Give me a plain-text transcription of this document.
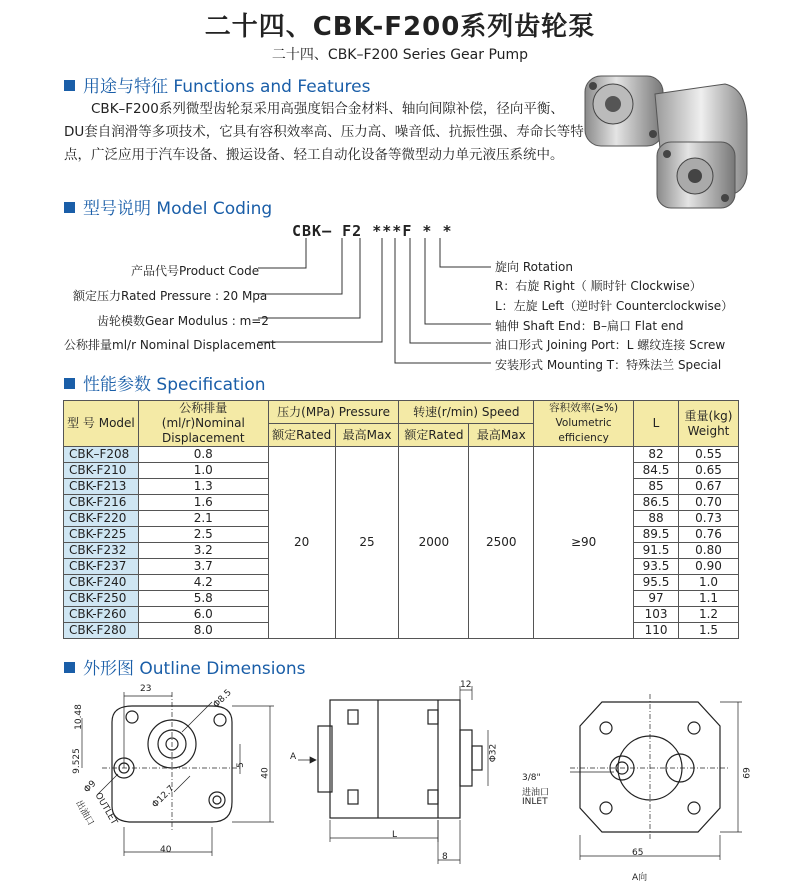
二十四、CBK-F200系列齿轮泵
二十四、CBK–F200 Series Gear Pump
用途与特征 Functions and Features
CBK–F200系列微型齿轮泵采用高强度铝合金材料、轴向间隙补偿，径向平衡、DU套自润滑等多项技术，它具有容积效率高、压力高、噪音低、抗振性强、寿命长等特点，广泛应用于汽车设备、搬运设备、轻工自动化设备等微型动力单元液压系统中。
型号说明 Model Coding
CBK– F2 ***F * *
产品代号Product Code
额定压力Rated Pressure : 20 Mpa
齿轮模数Gear Modulus : m=2
公称排量ml/r Nominal Displacement
旋向 Rotation
R：右旋 Right（ 顺时针 Clockwise）
L：左旋 Left（逆时针 Counterclockwise）
轴伸 Shaft End：B–扁口 Flat end
油口形式 Joining Port：L 螺纹连接 Screw
安装形式 Mounting T：特殊法兰 Special
性能参数 Specification
型 号 Model	公称排量 (ml/r)Nominal Displacement	压力(MPa) Pressure		转速(r/min) Speed		容积效率(≥%) Volumetric efficiency	L	重量(kg) Weight
		额定Rated	最高Max	额定Rated	最高Max			
CBK–F208	0.8	20	25	2000	2500	≥90	82	0.55
CBK-F210	1.0						84.5	0.65
CBK-F213	1.3						85	0.67
CBK-F216	1.6						86.5	0.70
CBK-F220	2.1						88	0.73
CBK-F225	2.5						89.5	0.76
CBK-F232	3.2						91.5	0.80
CBK-F237	3.7						93.5	0.90
CBK-F240	4.2						95.5	1.0
CBK-F250	5.8						97	1.1
CBK-F260	6.0						103	1.2
CBK-F280	8.0						110	1.5
外形图 Outline Dimensions
23	Φ8.5
10.48
9.525
Φ9	Φ12.7
5
40
40
出油口
OUTLET
A
12
Φ32
L
8
69
65
A向
3/8"
进油口
INLET
